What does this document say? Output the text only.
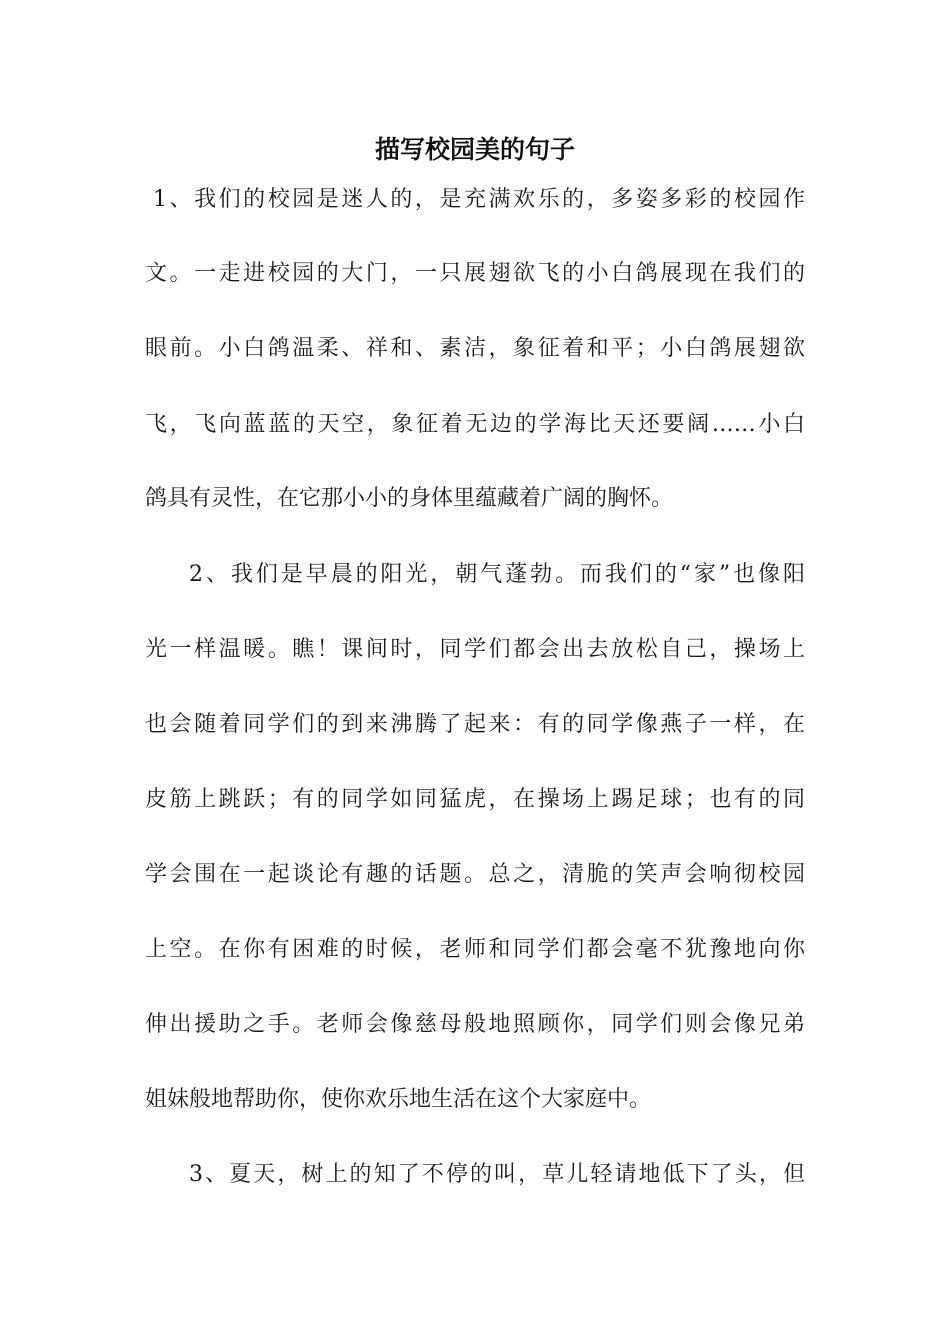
描写校园美的句子
1、我们的校园是迷人的，是充满欢乐的，多姿多彩的校园作
文。一走进校园的大门，一只展翅欲飞的小白鸽展现在我们的
眼前。小白鸽温柔、祥和、素洁，象征着和平；小白鸽展翅欲
飞，飞向蓝蓝的天空，象征着无边的学海比天还要阔……小白
鸽具有灵性，在它那小小的身体里蕴藏着广阔的胸怀。
2、我们是早晨的阳光，朝气蓬勃。而我们的“家”也像阳
光一样温暖。瞧！课间时，同学们都会出去放松自己，操场上
也会随着同学们的到来沸腾了起来：有的同学像燕子一样，在
皮筋上跳跃；有的同学如同猛虎，在操场上踢足球；也有的同
学会围在一起谈论有趣的话题。总之，清脆的笑声会响彻校园
上空。在你有困难的时候，老师和同学们都会毫不犹豫地向你
伸出援助之手。老师会像慈母般地照顾你，同学们则会像兄弟
姐妹般地帮助你，使你欢乐地生活在这个大家庭中。
3、夏天，树上的知了不停的叫，草儿轻请地低下了头，但
